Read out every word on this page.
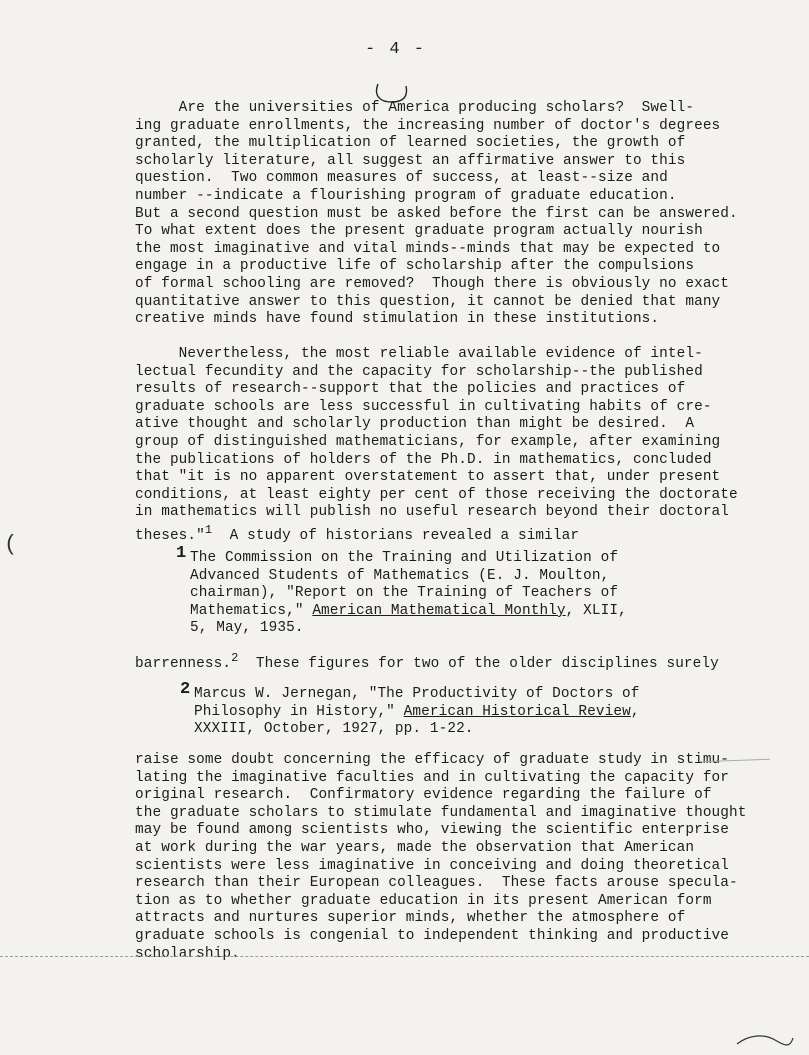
- 4 -
Are the universities of America producing scholars?  Swell-
ing graduate enrollments, the increasing number of doctor's degrees
granted, the multiplication of learned societies, the growth of
scholarly literature, all suggest an affirmative answer to this
question.  Two common measures of success, at least--size and
number --indicate a flourishing program of graduate education.
But a second question must be asked before the first can be answered.
To what extent does the present graduate program actually nourish
the most imaginative and vital minds--minds that may be expected to
engage in a productive life of scholarship after the compulsions
of formal schooling are removed?  Though there is obviously no exact
quantitative answer to this question, it cannot be denied that many
creative minds have found stimulation in these institutions.
Nevertheless, the most reliable available evidence of intel-
lectual fecundity and the capacity for scholarship--the published
results of research--support that the policies and practices of
graduate schools are less successful in cultivating habits of cre-
ative thought and scholarly production than might be desired.  A
group of distinguished mathematicians, for example, after examining
the publications of holders of the Ph.D. in mathematics, concluded
that "it is no apparent overstatement to assert that, under present
conditions, at least eighty per cent of those receiving the doctorate
in mathematics will publish no useful research beyond their doctoral
theses."$^1$  A study of historians revealed a similar
1 The Commission on the Training and Utilization of
Advanced Students of Mathematics (E. J. Moulton,
chairman), "Report on the Training of Teachers of
Mathematics," American Mathematical Monthly, XLII,
5, May, 1935.
barrenness.$^2$  These figures for two of the older disciplines surely
2 Marcus W. Jernegan, "The Productivity of Doctors of
Philosophy in History," American Historical Review,
XXXIII, October, 1927, pp. 1-22.
raise some doubt concerning the efficacy of graduate study in stimu-
lating the imaginative faculties and in cultivating the capacity for
original research.  Confirmatory evidence regarding the failure of
the graduate scholars to stimulate fundamental and imaginative thought
may be found among scientists who, viewing the scientific enterprise
at work during the war years, made the observation that American
scientists were less imaginative in conceiving and doing theoretical
research than their European colleagues.  These facts arouse specula-
tion as to whether graduate education in its present American form
attracts and nurtures superior minds, whether the atmosphere of
graduate schools is congenial to independent thinking and productive
scholarship.
(
